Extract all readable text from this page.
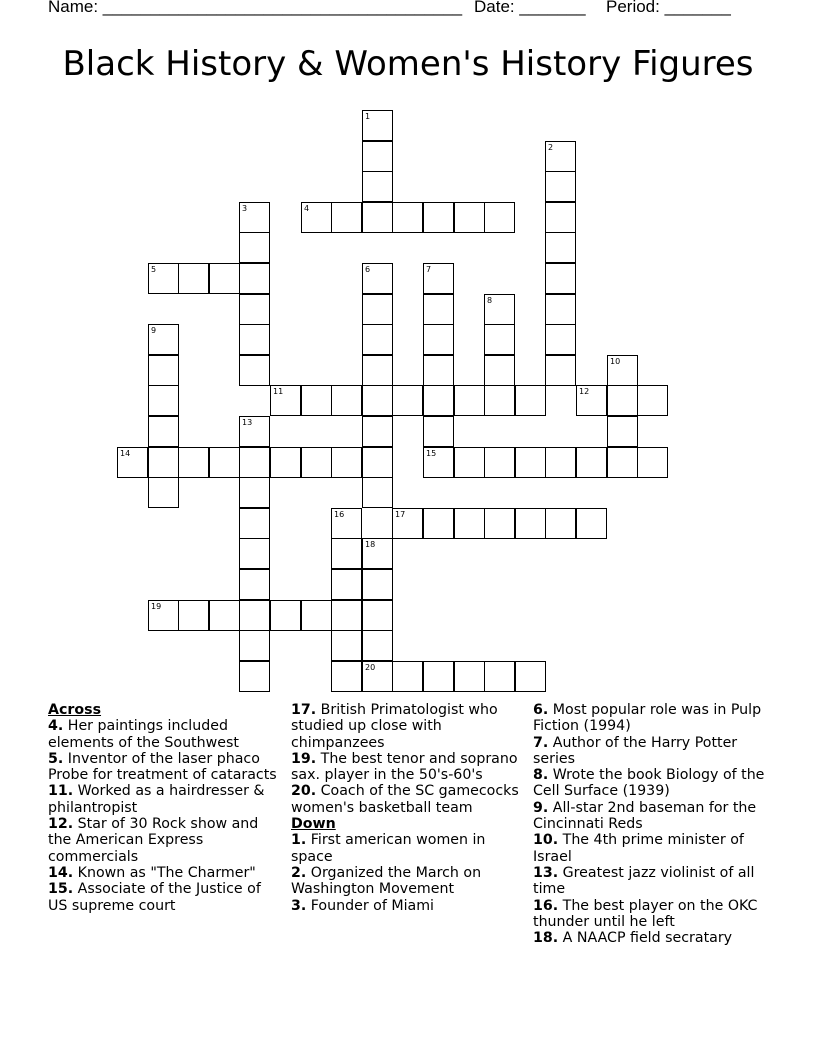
Name: ______________________________________ Date: _______ Period: _______
Black History & Women's History Figures
1
2
3	4
5	6	7
15
8
9
10
11	12
13
14
16	17
18
19
20
Across
4. Her paintings included elements of the Southwest
5. Inventor of the laser phaco Probe for treatment of cataracts
11. Worked as a hairdresser & philantropist
12. Star of 30 Rock show and the American Express commercials
14. Known as "The Charmer"
15. Associate of the Justice of US supreme court
17. British Primatologist who studied up close with chimpanzees
19. The best tenor and soprano sax. player in the 50's-60's
20. Coach of the SC gamecocks women's basketball team
Down
1. First american women in space
2. Organized the March on Washington Movement
3. Founder of Miami
6. Most popular role was in Pulp Fiction (1994)
7. Author of the Harry Potter series
8. Wrote the book Biology of the Cell Surface (1939)
9. All-star 2nd baseman for the Cincinnati Reds
10. The 4th prime minister of Israel
13. Greatest jazz violinist of all time
16. The best player on the OKC thunder until he left
18. A NAACP field secratary
